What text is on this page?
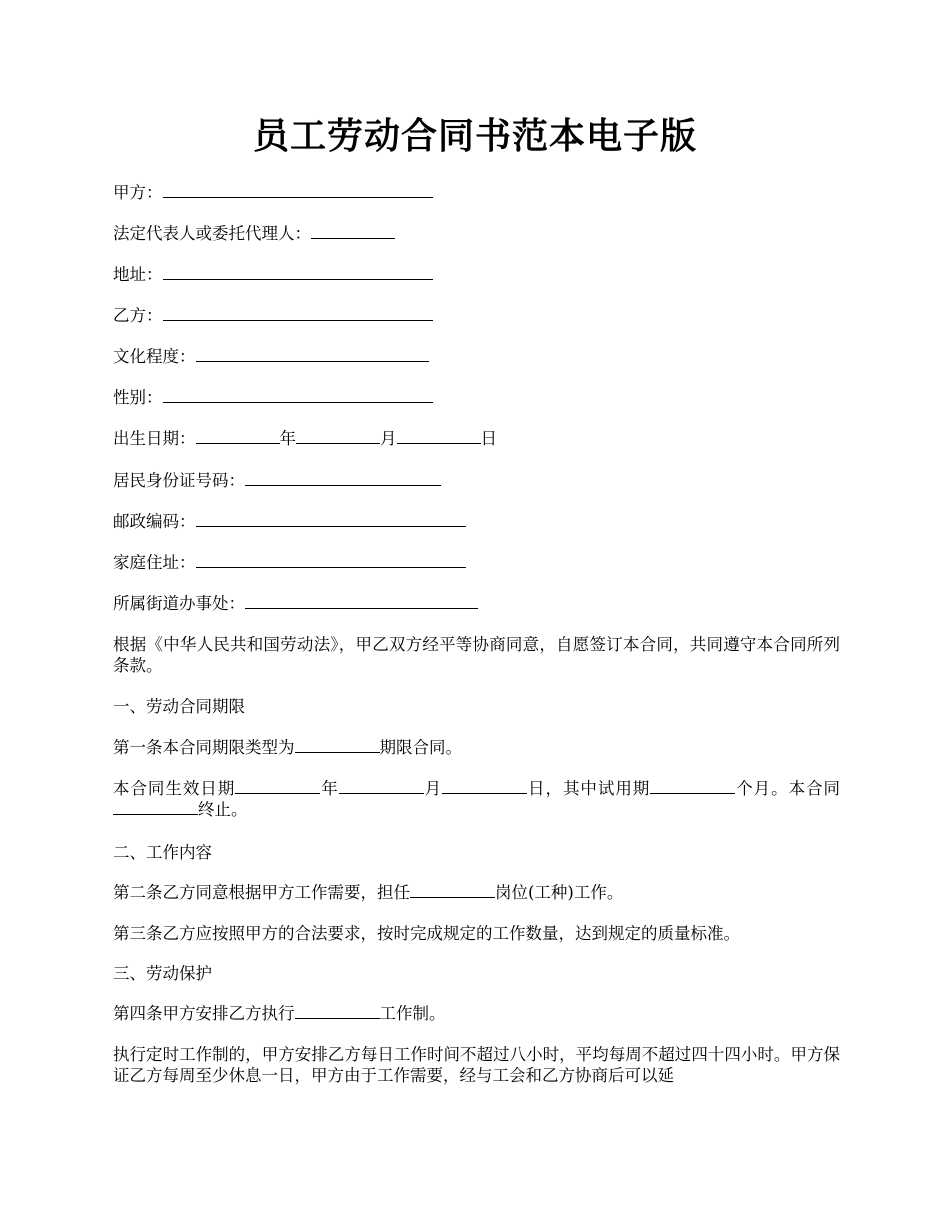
员工劳动合同书范本电子版
甲方：
法定代表人或委托代理人：
地址：
乙方：
文化程度：
性别：
出生日期：	年	月	日
居民身份证号码：
邮政编码：
家庭住址：
所属街道办事处：
根据《中华人民共和国劳动法》，甲乙双方经平等协商同意，自愿签订本合同，共同遵守本合同所列条款。
一、劳动合同期限
第一条本合同期限类型为	期限合同。
本合同生效日期	年	月	日，其中试用期	个月。本合同终止。
二、工作内容
第二条乙方同意根据甲方工作需要，担任	岗位(工种)工作。
第三条乙方应按照甲方的合法要求，按时完成规定的工作数量，达到规定的质量标准。
三、劳动保护
第四条甲方安排乙方执行	工作制。
执行定时工作制的，甲方安排乙方每日工作时间不超过八小时，平均每周不超过四十四小时。甲方保证乙方每周至少休息一日，甲方由于工作需要，经与工会和乙方协商后可以延
